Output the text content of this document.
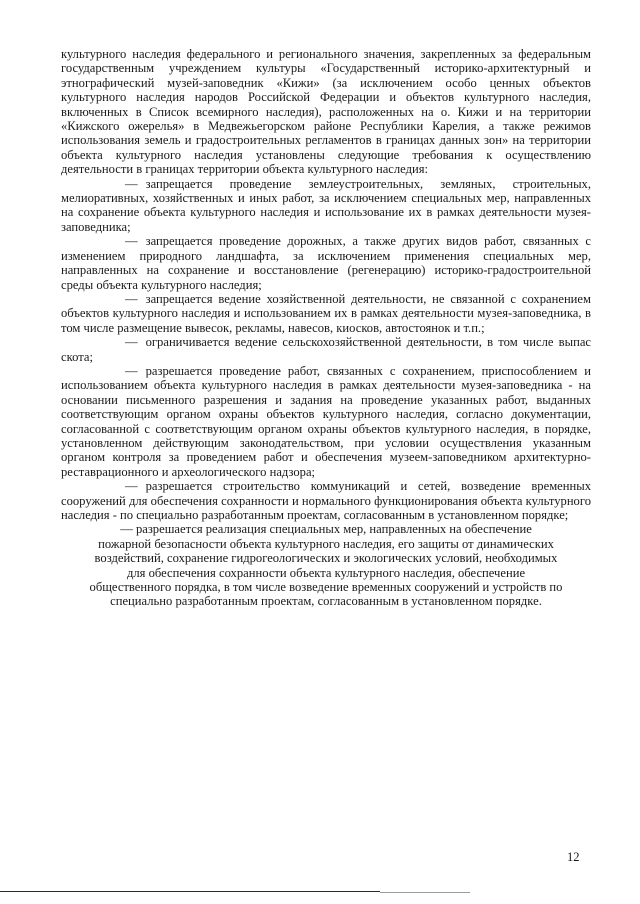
культурного наследия федерального и регионального значения, закрепленных за федеральным государственным учреждением культуры «Государственный историко-архитектурный и этнографический музей-заповедник «Кижи» (за исключением особо ценных объектов культурного наследия народов Российской Федерации и объектов культурного наследия, включенных в Список всемирного наследия), расположенных на о. Кижи и на территории «Кижского ожерелья» в Медвежьегорском районе Республики Карелия, а также режимов использования земель и градостроительных регламентов в границах данных зон» на территории объекта культурного наследия установлены следующие требования к осуществлению деятельности в границах территории объекта культурного наследия:

— запрещается проведение землеустроительных, земляных, строительных, мелиоративных, хозяйственных и иных работ, за исключением специальных мер, направленных на сохранение объекта культурного наследия и использование их в рамках деятельности музея-заповедника;

— запрещается проведение дорожных, а также других видов работ, связанных с изменением природного ландшафта, за исключением применения специальных мер, направленных на сохранение и восстановление (регенерацию) историко-градостроительной среды объекта культурного наследия;

— запрещается ведение хозяйственной деятельности, не связанной с сохранением объектов культурного наследия и использованием их в рамках деятельности музея-заповедника, в том числе размещение вывесок, рекламы, навесов, киосков, автостоянок и т.п.;

— ограничивается ведение сельскохозяйственной деятельности, в том числе выпас скота;

— разрешается проведение работ, связанных с сохранением, приспособлением и использованием объекта культурного наследия в рамках деятельности музея-заповедника - на основании письменного разрешения и задания на проведение указанных работ, выданных соответствующим органом охраны объектов культурного наследия, согласно документации, согласованной с соответствующим органом охраны объектов культурного наследия, в порядке, установленном действующим законодательством, при условии осуществления указанным органом контроля за проведением работ и обеспечения музеем-заповедником архитектурно-реставрационного и археологического надзора;

— разрешается строительство коммуникаций и сетей, возведение временных сооружений для обеспечения сохранности и нормального функционирования объекта культурного наследия - по специально разработанным проектам, согласованным в установленном порядке;

— разрешается реализация специальных мер, направленных на обеспечение

пожарной безопасности объекта культурного наследия, его защиты от динамических

воздействий, сохранение гидрогеологических и экологических условий, необходимых

для обеспечения сохранности объекта культурного наследия, обеспечение

общественного порядка, в том числе возведение временных сооружений и устройств по

специально разработанным проектам, согласованным в установленном порядке.

12
